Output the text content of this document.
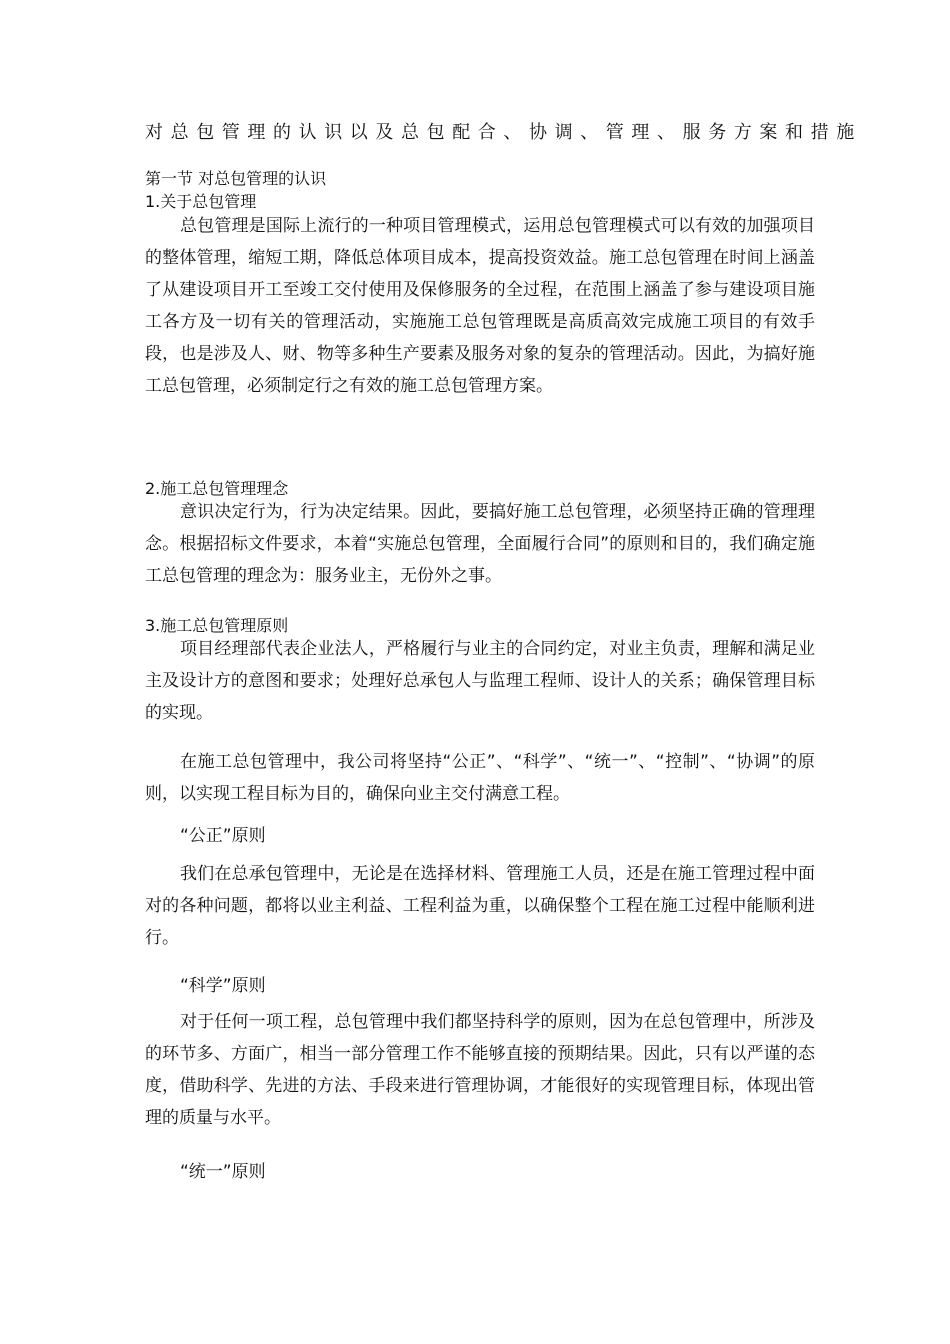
对总包管理的认识以及总包配合、协调、管理、服务方案和措施
第一节 对总包管理的认识
1.关于总包管理
总包管理是国际上流行的一种项目管理模式，运用总包管理模式可以有效的加强项目的整体管理，缩短工期，降低总体项目成本，提高投资效益。施工总包管理在时间上涵盖了从建设项目开工至竣工交付使用及保修服务的全过程，在范围上涵盖了参与建设项目施工各方及一切有关的管理活动，实施施工总包管理既是高质高效完成施工项目的有效手段，也是涉及人、财、物等多种生产要素及服务对象的复杂的管理活动。因此，为搞好施工总包管理，必须制定行之有效的施工总包管理方案。
2.施工总包管理理念
意识决定行为，行为决定结果。因此，要搞好施工总包管理，必须坚持正确的管理理念。根据招标文件要求，本着“实施总包管理，全面履行合同”的原则和目的，我们确定施工总包管理的理念为：服务业主，无份外之事。
3.施工总包管理原则
项目经理部代表企业法人，严格履行与业主的合同约定，对业主负责，理解和满足业主及设计方的意图和要求；处理好总承包人与监理工程师、设计人的关系；确保管理目标的实现。
在施工总包管理中，我公司将坚持“公正”、“科学”、“统一”、“控制”、“协调”的原则，以实现工程目标为目的，确保向业主交付满意工程。
“公正”原则
我们在总承包管理中，无论是在选择材料、管理施工人员，还是在施工管理过程中面对的各种问题，都将以业主利益、工程利益为重，以确保整个工程在施工过程中能顺利进行。
“科学”原则
对于任何一项工程，总包管理中我们都坚持科学的原则，因为在总包管理中，所涉及的环节多、方面广，相当一部分管理工作不能够直接的预期结果。因此，只有以严谨的态度，借助科学、先进的方法、手段来进行管理协调，才能很好的实现管理目标，体现出管理的质量与水平。
“统一”原则
